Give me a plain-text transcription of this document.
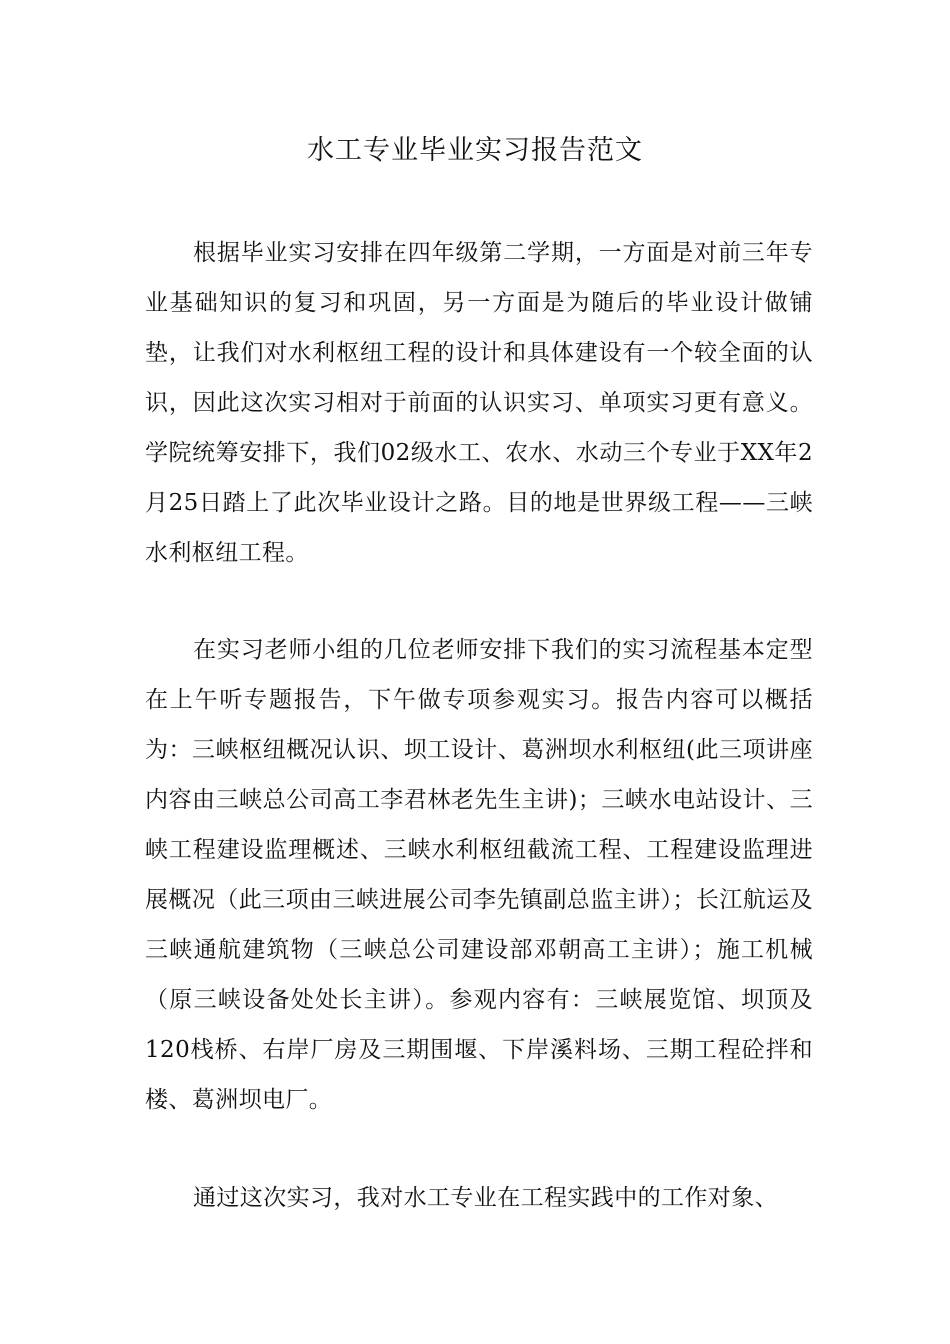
水工专业毕业实习报告范文

根据毕业实习安排在四年级第二学期，一方面是对前三年专业基础知识的复习和巩固，另一方面是为随后的毕业设计做铺垫，让我们对水利枢纽工程的设计和具体建设有一个较全面的认识，因此这次实习相对于前面的认识实习、单项实习更有意义。学院统筹安排下，我们02级水工、农水、水动三个专业于XX年2月25日踏上了此次毕业设计之路。目的地是世界级工程——三峡水利枢纽工程。

在实习老师小组的几位老师安排下我们的实习流程基本定型在上午听专题报告，下午做专项参观实习。报告内容可以概括为：三峡枢纽概况认识、坝工设计、葛洲坝水利枢纽(此三项讲座内容由三峡总公司高工李君林老先生主讲)；三峡水电站设计、三峡工程建设监理概述、三峡水利枢纽截流工程、工程建设监理进展概况（此三项由三峡进展公司李先镇副总监主讲）；长江航运及三峡通航建筑物（三峡总公司建设部邓朝高工主讲）；施工机械（原三峡设备处处长主讲）。参观内容有：三峡展览馆、坝顶及120栈桥、右岸厂房及三期围堰、下岸溪料场、三期工程砼拌和楼、葛洲坝电厂。

通过这次实习，我对水工专业在工程实践中的工作对象、
